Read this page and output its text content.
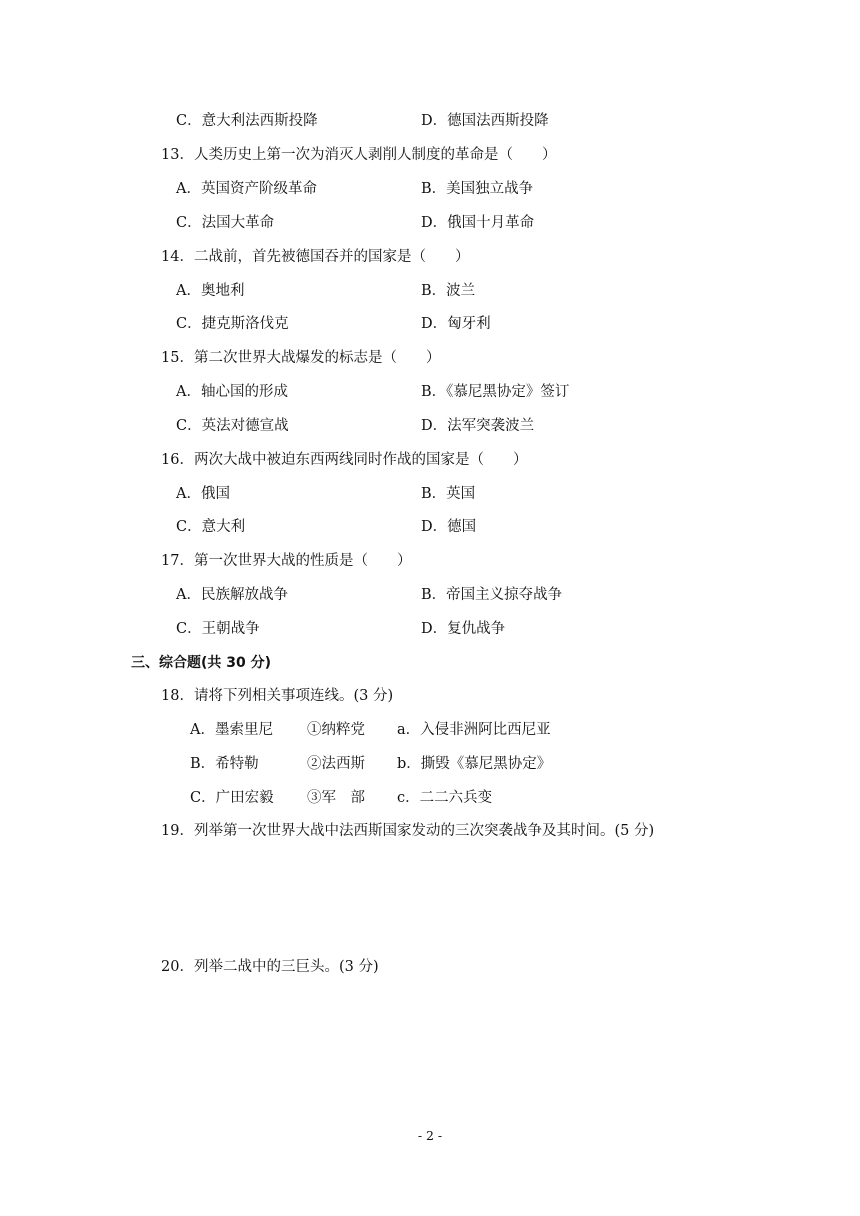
C．意大利法西斯投降	D．德国法西斯投降
13．人类历史上第一次为消灭人剥削人制度的革命是（　　）
A．英国资产阶级革命	B．美国独立战争
C．法国大革命	D．俄国十月革命
14．二战前，首先被德国吞并的国家是（　　）
A．奥地利	B．波兰
C．捷克斯洛伐克	D．匈牙利
15．第二次世界大战爆发的标志是（　　）
A．轴心国的形成	B．《慕尼黑协定》签订
C．英法对德宣战	D．法军突袭波兰
16．两次大战中被迫东西两线同时作战的国家是（　　）
A．俄国	B．英国
C．意大利	D．德国
17．第一次世界大战的性质是（　　）
A．民族解放战争	B．帝国主义掠夺战争
C．王朝战争	D．复仇战争
三、综合题(共 30 分)
18．请将下列相关事项连线。(3 分)
A．墨索里尼 ①纳粹党 a．入侵非洲阿比西尼亚
B．希特勒	②法西斯 b．撕毁《慕尼黑协定》
C．广田宏毅 ③军　部 c．二二六兵变
19．列举第一次世界大战中法西斯国家发动的三次突袭战争及其时间。(5 分)
20．列举二战中的三巨头。(3 分)
- 2 -
